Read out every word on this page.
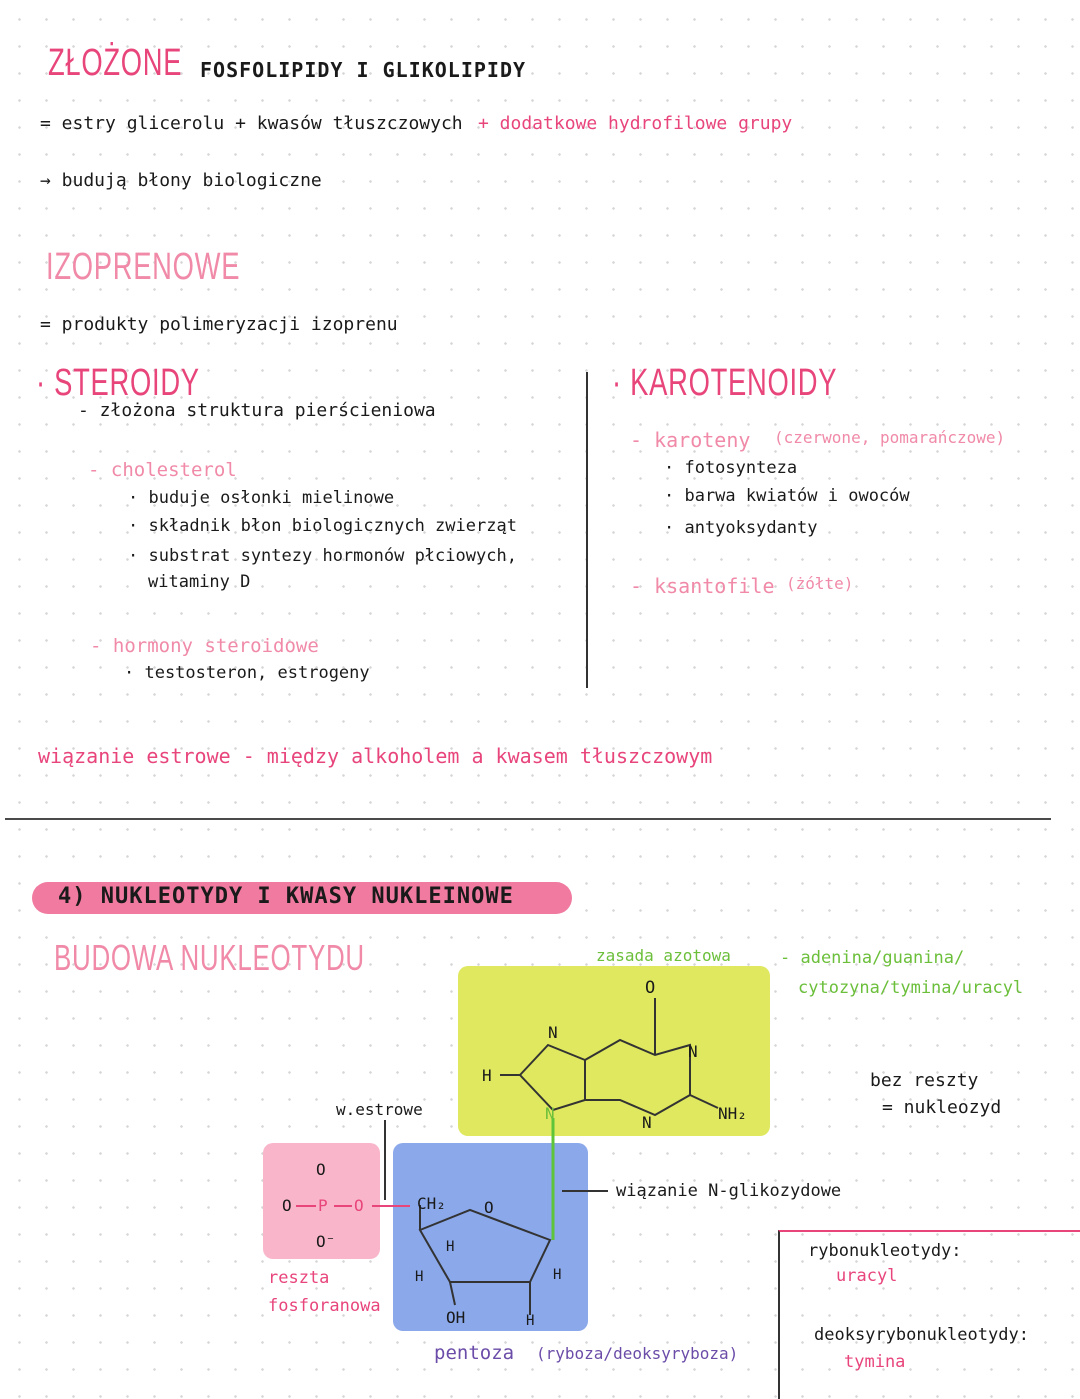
ZŁOŻONE FOSFOLIPIDY I GLIKOLIPIDY
= estry glicerolu + kwasów tłuszczowych + dodatkowe hydrofilowe grupy
→ budują błony biologiczne
IZOPRENOWE
= produkty polimeryzacji izoprenu
· STEROIDY
- złożona struktura pierścieniowa
- cholesterol
· buduje osłonki mielinowe
· składnik błon biologicznych zwierząt
· substrat syntezy hormonów płciowych,
witaminy D
- hormony steroidowe
· testosteron, estrogeny
· KAROTENOIDY
- karoteny (czerwone, pomarańczowe)
· fotosynteza
· barwa kwiatów i owoców
· antyoksydanty
- ksantofile (żółte)
wiązanie estrowe - między alkoholem a kwasem tłuszczowym
4) NUKLEOTYDY I KWASY NUKLEINOWE
BUDOWA NUKLEOTYDU	zasada azotowa	- adenina/guanina/
cytozyna/tymina/uracyl
bez reszty
= nukleozyd
w.estrowe
reszta
fosforanowa
wiązanie N-glikozydowe
pentoza (ryboza/deoksyryboza)
rybonukleotydy:
uracyl
deoksyrybonukleotydy:
tymina
O
N
N
H
N	N	NH₂
O
O P O
O⁻
CH₂ O
H
H	H
OH	H
